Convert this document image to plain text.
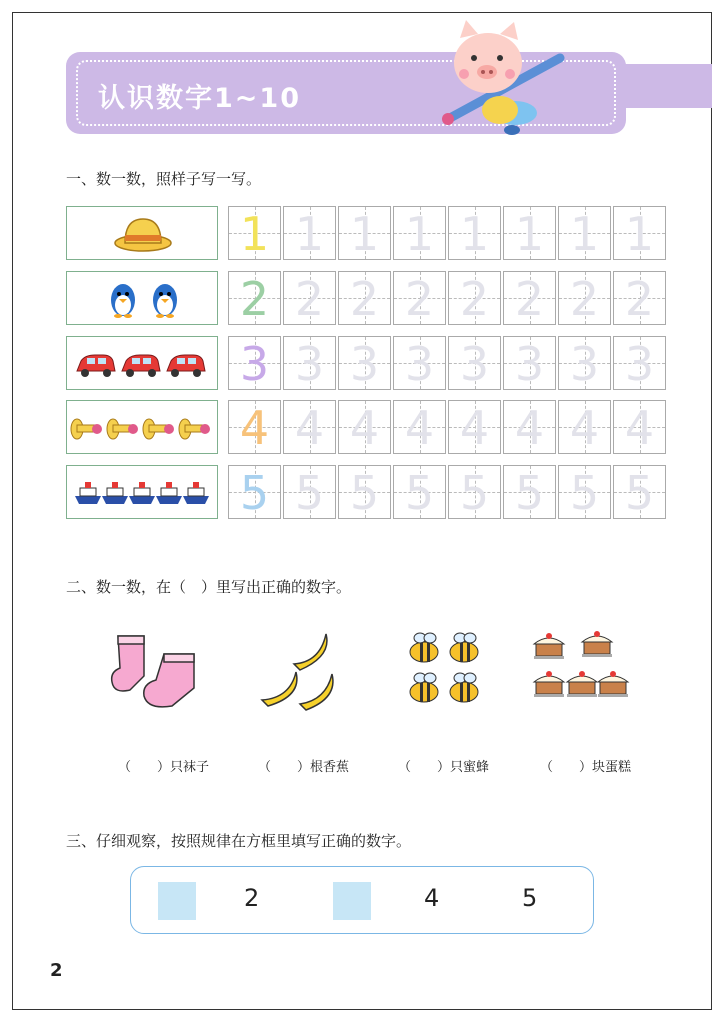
认识数字1~10
一、数一数，照样子写一写。
1 1 1 1 1 1 1 1
2 2 2 2 2 2 2 2
3 3 3 3 3 3 3 3
4 4 4 4 4 4 4 4
5 5 5 5 5 5 5 5
二、数一数，在（　）里写出正确的数字。
（　　）只袜子	（　　）根香蕉	（　　）只蜜蜂	（　　）块蛋糕
三、仔细观察，按照规律在方框里填写正确的数字。
2	4	5
2
